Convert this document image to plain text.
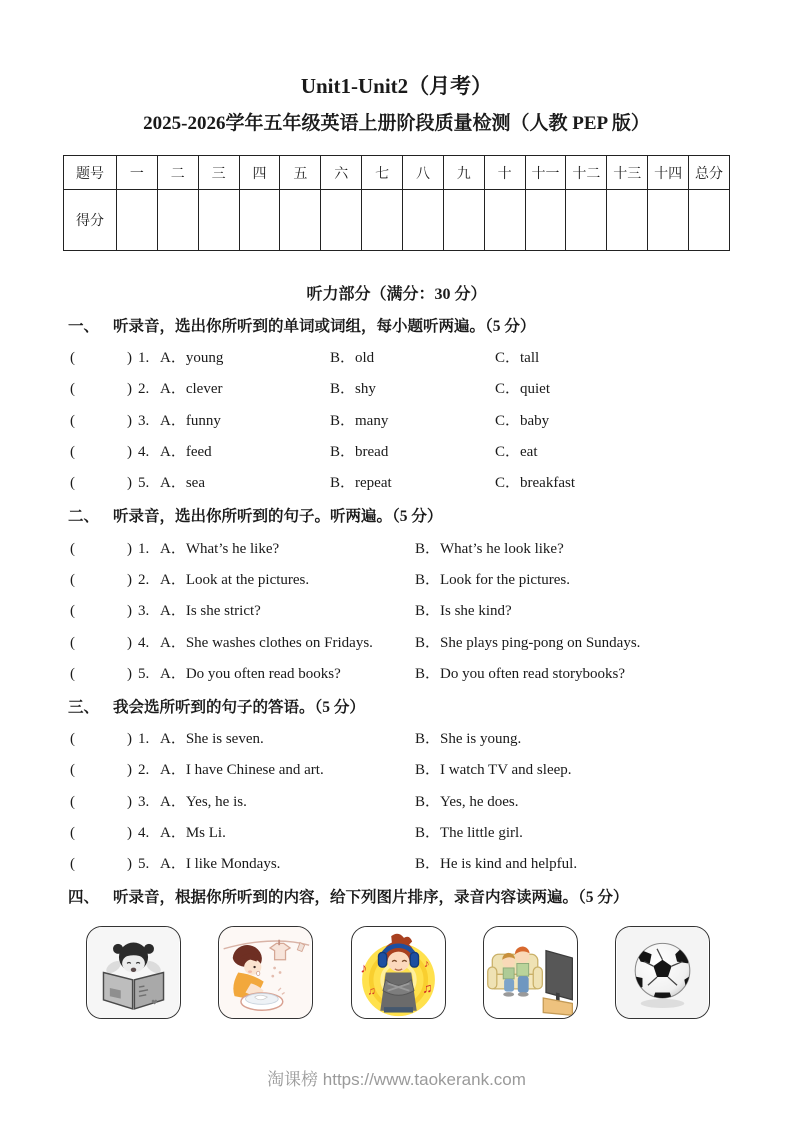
Unit1-Unit2（月考）
2025-2026学年五年级英语上册阶段质量检测（人教 PEP 版）
题号	一	二	三	四	五	六	七	八	九	十	十一	十二	十三	十四	总分
得分															
听力部分（满分：30 分）
一、 听录音，选出你所听到的单词或词组，每小题听两遍。（5 分）
(	) 1. A．young	B．old	C．tall
(	) 2. A．clever	B．shy	C．quiet
(	) 3. A．funny	B．many	C．baby
(	) 4. A．feed	B．bread	C．eat
(	) 5. A．sea	B．repeat	C．breakfast
二、 听录音，选出你所听到的句子。听两遍。（5 分）
(	) 1. A．What’s he like?	B．What’s he look like?
(	) 2. A．Look at the pictures.	B．Look for the pictures.
(	) 3. A．Is she strict?	B．Is she kind?
(	) 4. A．She washes clothes on Fridays.	B．She plays ping-pong on Sundays.
(	) 5. A．Do you often read books?	B．Do you often read storybooks?
三、 我会选所听到的句子的答语。（5 分）
(	) 1. A．She is seven.	B．She is young.
(	) 2. A．I have Chinese and art.	B．I watch TV and sleep.
(	) 3. A．Yes, he is.	B．Yes, he does.
(	) 4. A．Ms Li.	B．The little girl.
(	) 5. A．I like Mondays.	B．He is kind and helpful.
四、 听录音，根据你所听到的内容，给下列图片排序，录音内容读两遍。（5 分）
♪
♫
♪
♫
淘课榜 https://www.taokerank.com
